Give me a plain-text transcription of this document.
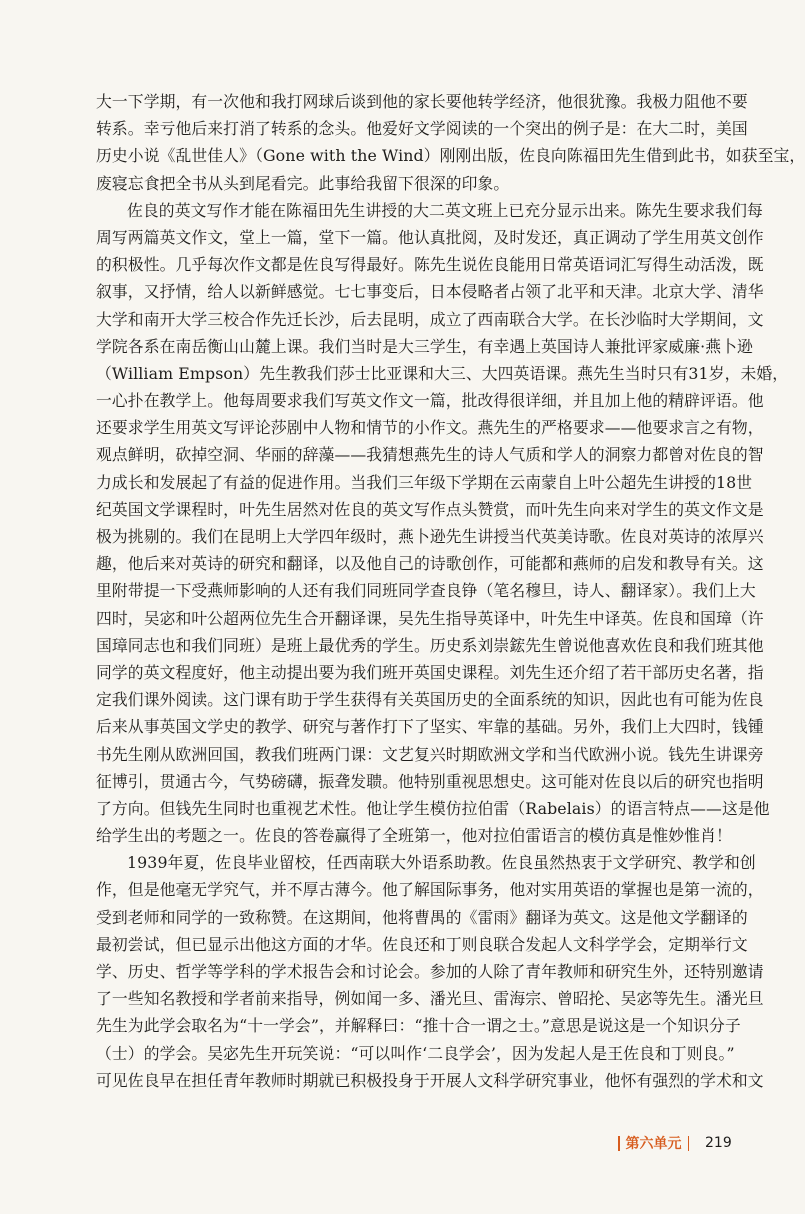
大一下学期，有一次他和我打网球后谈到他的家长要他转学经济，他很犹豫。我极力阻他不要
转系。幸亏他后来打消了转系的念头。他爱好文学阅读的一个突出的例子是：在大二时，美国
历史小说《乱世佳人》（Gone with the Wind）刚刚出版，佐良向陈福田先生借到此书，如获至宝，
废寝忘食把全书从头到尾看完。此事给我留下很深的印象。
佐良的英文写作才能在陈福田先生讲授的大二英文班上已充分显示出来。陈先生要求我们每
周写两篇英文作文，堂上一篇，堂下一篇。他认真批阅，及时发还，真正调动了学生用英文创作
的积极性。几乎每次作文都是佐良写得最好。陈先生说佐良能用日常英语词汇写得生动活泼，既
叙事，又抒情，给人以新鲜感觉。七七事变后，日本侵略者占领了北平和天津。北京大学、清华
大学和南开大学三校合作先迁长沙，后去昆明，成立了西南联合大学。在长沙临时大学期间，文
学院各系在南岳衡山山麓上课。我们当时是大三学生，有幸遇上英国诗人兼批评家威廉·燕卜逊
（William Empson）先生教我们莎士比亚课和大三、大四英语课。燕先生当时只有31岁，未婚，
一心扑在教学上。他每周要求我们写英文作文一篇，批改得很详细，并且加上他的精辟评语。他
还要求学生用英文写评论莎剧中人物和情节的小作文。燕先生的严格要求——他要求言之有物，
观点鲜明，砍掉空洞、华丽的辞藻——我猜想燕先生的诗人气质和学人的洞察力都曾对佐良的智
力成长和发展起了有益的促进作用。当我们三年级下学期在云南蒙自上叶公超先生讲授的18世
纪英国文学课程时，叶先生居然对佐良的英文写作点头赞赏，而叶先生向来对学生的英文作文是
极为挑剔的。我们在昆明上大学四年级时，燕卜逊先生讲授当代英美诗歌。佐良对英诗的浓厚兴
趣，他后来对英诗的研究和翻译，以及他自己的诗歌创作，可能都和燕师的启发和教导有关。这
里附带提一下受燕师影响的人还有我们同班同学查良铮（笔名穆旦，诗人、翻译家）。我们上大
四时，吴宓和叶公超两位先生合开翻译课，吴先生指导英译中，叶先生中译英。佐良和国璋（许
国璋同志也和我们同班）是班上最优秀的学生。历史系刘崇鋐先生曾说他喜欢佐良和我们班其他
同学的英文程度好，他主动提出要为我们班开英国史课程。刘先生还介绍了若干部历史名著，指
定我们课外阅读。这门课有助于学生获得有关英国历史的全面系统的知识，因此也有可能为佐良
后来从事英国文学史的教学、研究与著作打下了坚实、牢靠的基础。另外，我们上大四时，钱锺
书先生刚从欧洲回国，教我们班两门课：文艺复兴时期欧洲文学和当代欧洲小说。钱先生讲课旁
征博引，贯通古今，气势磅礴，振聋发聩。他特别重视思想史。这可能对佐良以后的研究也指明
了方向。但钱先生同时也重视艺术性。他让学生模仿拉伯雷（Rabelais）的语言特点——这是他
给学生出的考题之一。佐良的答卷赢得了全班第一，他对拉伯雷语言的模仿真是惟妙惟肖！
1939年夏，佐良毕业留校，任西南联大外语系助教。佐良虽然热衷于文学研究、教学和创
作，但是他毫无学究气，并不厚古薄今。他了解国际事务，他对实用英语的掌握也是第一流的，
受到老师和同学的一致称赞。在这期间，他将曹禺的《雷雨》翻译为英文。这是他文学翻译的
最初尝试，但已显示出他这方面的才华。佐良还和丁则良联合发起人文科学学会，定期举行文
学、历史、哲学等学科的学术报告会和讨论会。参加的人除了青年教师和研究生外，还特别邀请
了一些知名教授和学者前来指导，例如闻一多、潘光旦、雷海宗、曾昭抡、吴宓等先生。潘光旦
先生为此学会取名为“十一学会”，并解释曰：“推十合一谓之士。”意思是说这是一个知识分子
（士）的学会。吴宓先生开玩笑说：“可以叫作‘二良学会’，因为发起人是王佐良和丁则良。”
可见佐良早在担任青年教师时期就已积极投身于开展人文科学研究事业，他怀有强烈的学术和文
第六单元 219
